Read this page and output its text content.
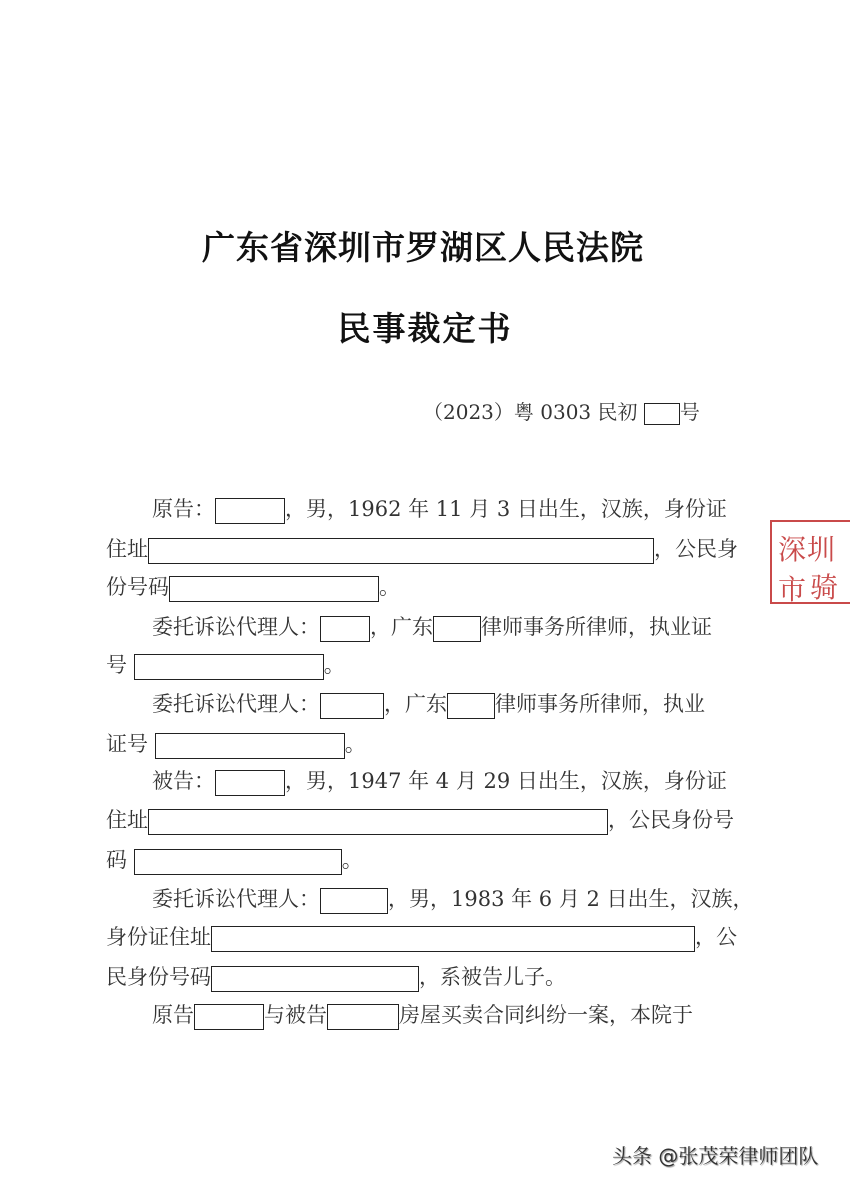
广东省深圳市罗湖区人民法院
民事裁定书
（2023）粤 0303 民初 号
原告：	，男，1962 年 11 月 3 日出生，汉族，身份证
住址	，公民身
份号码	。
委托诉讼代理人： ，广东 律师事务所律师，执业证
号	。
委托诉讼代理人：	，广东 律师事务所律师，执业
证号	。
被告：	，男，1947 年 4 月 29 日出生，汉族，身份证
住址	，公民身份号
码	。
委托诉讼代理人：	，男，1983 年 6 月 2 日出生，汉族，
身份证住址	，公
民身份号码	，系被告儿子。
原告	与被告	房屋买卖合同纠纷一案，本院于
深圳市 骑
头条 @张茂荣律师团队
